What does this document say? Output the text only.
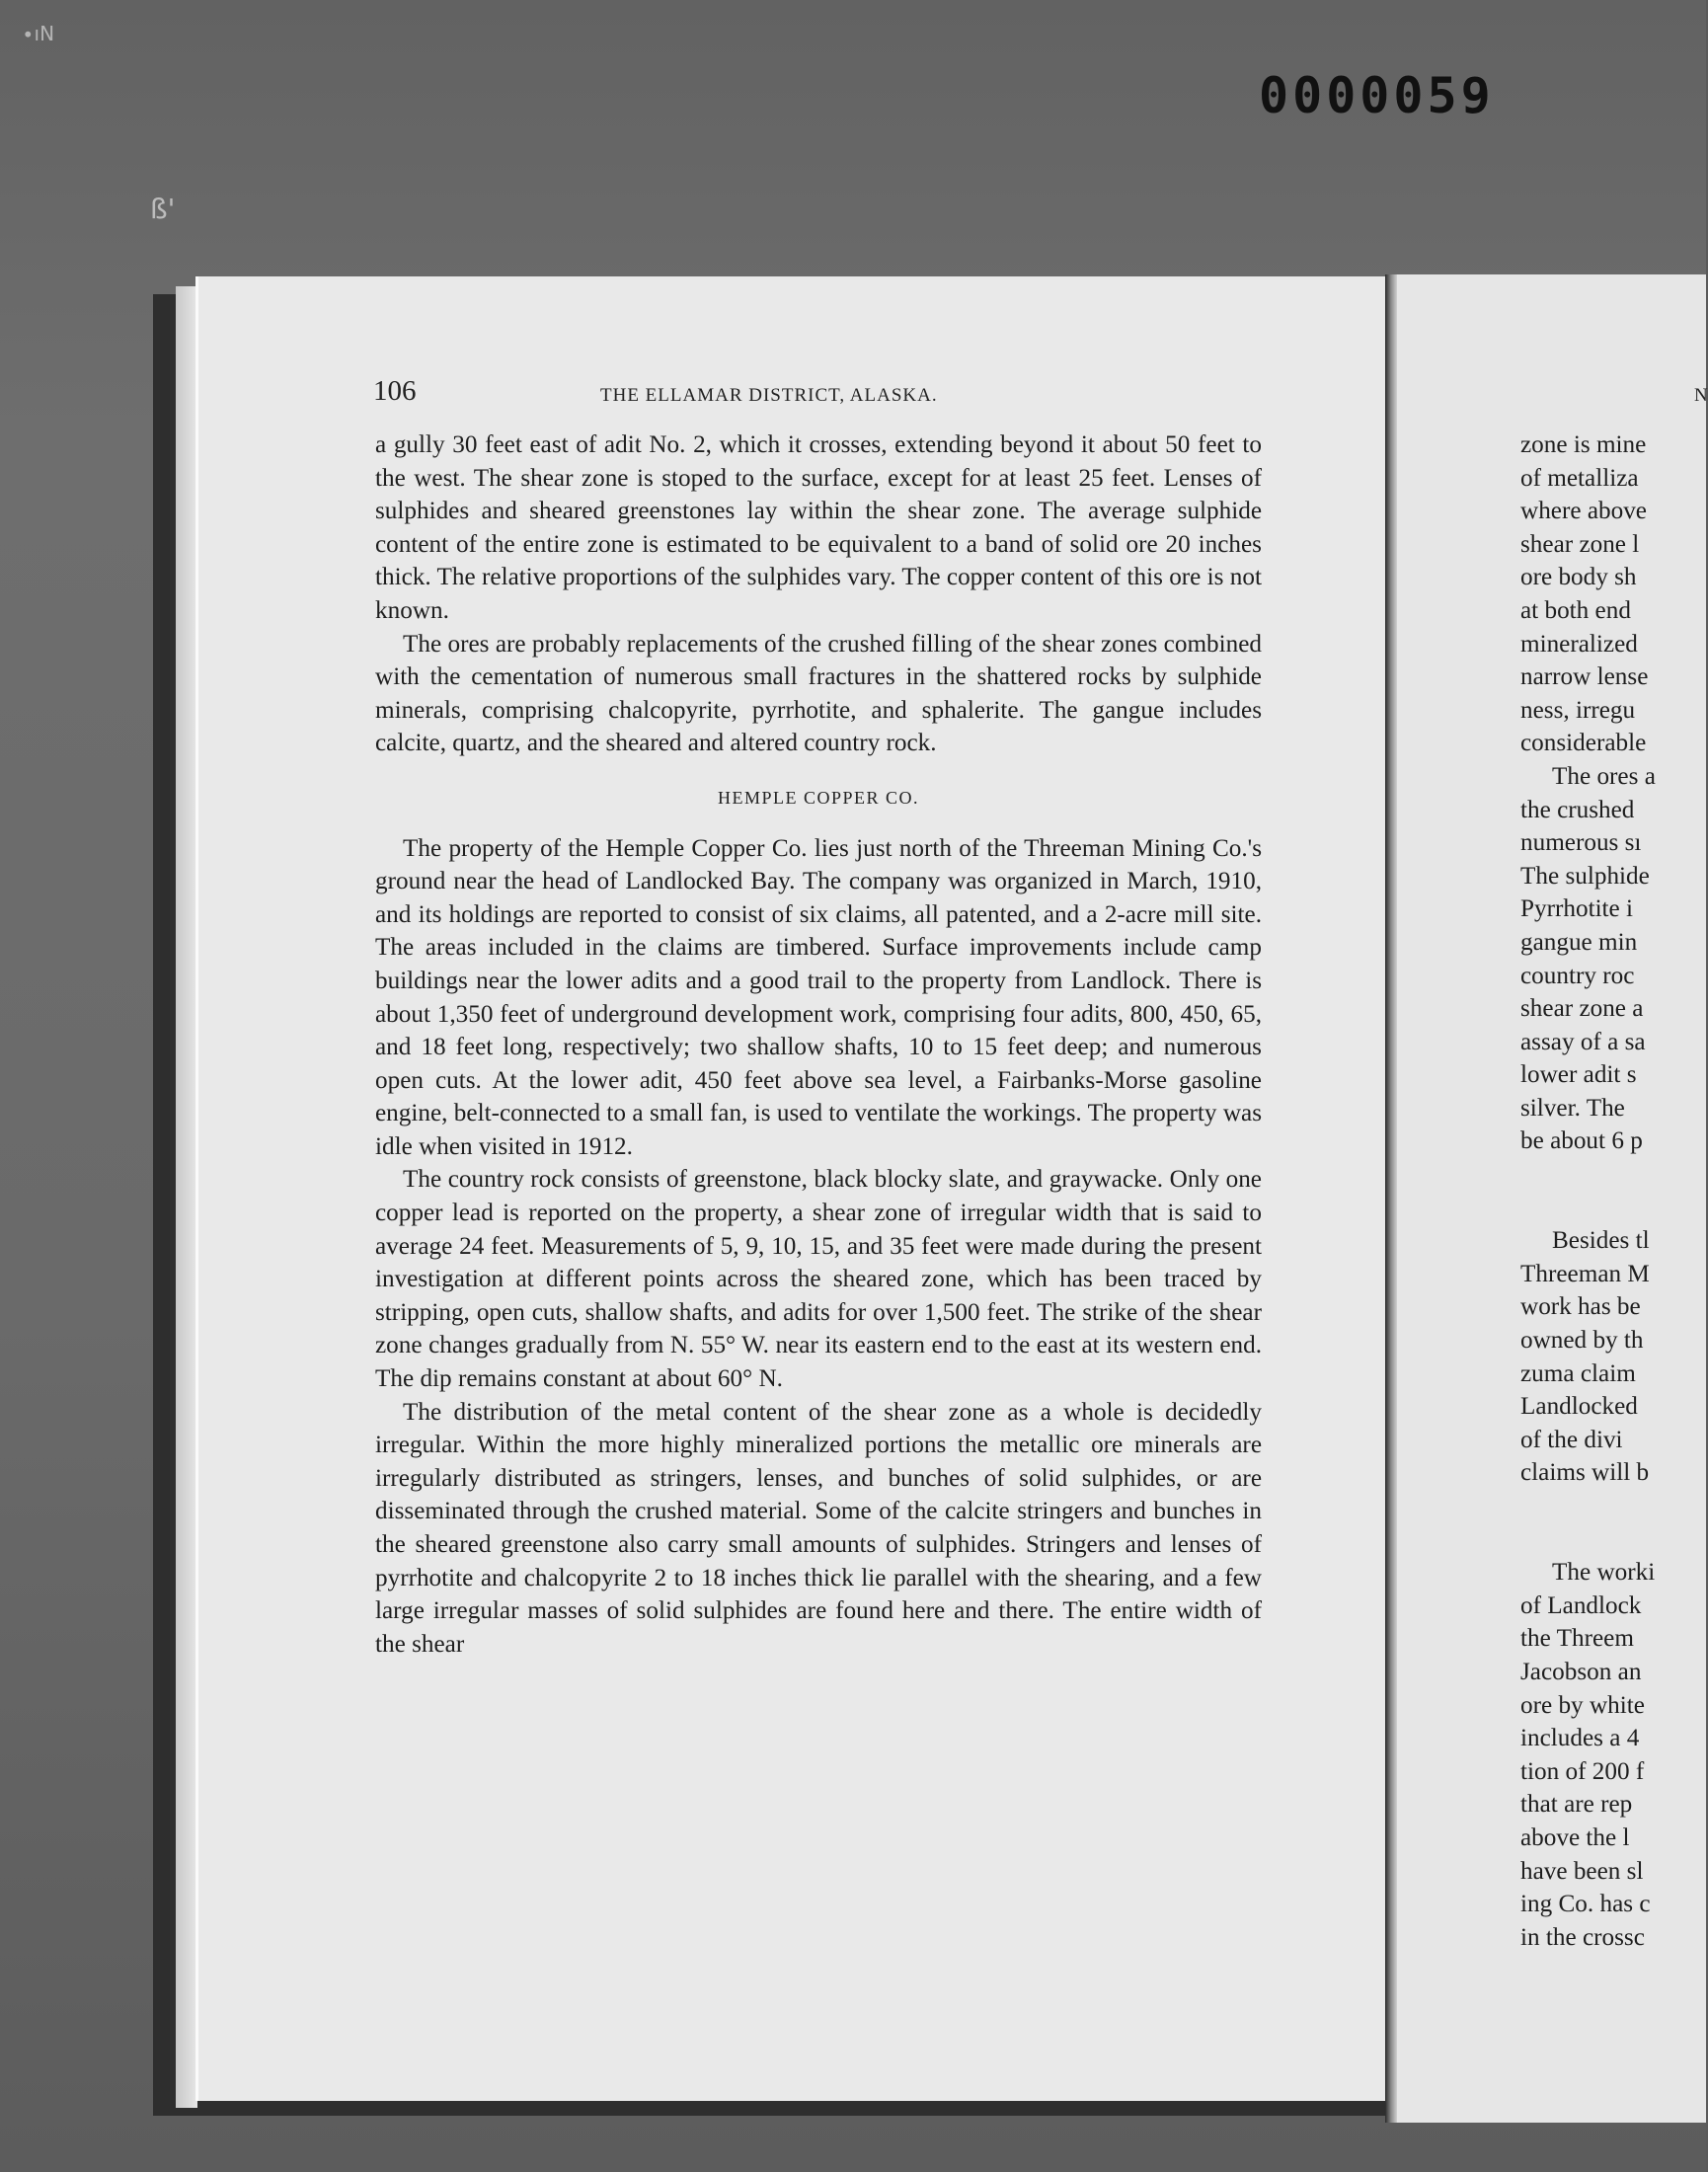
∙ıN
ß'
0000059
106	THE ELLAMAR DISTRICT, ALASKA.

a gully 30 feet east of adit No. 2, which it crosses, extending beyond it about 50 feet to the west. The shear zone is stoped to the surface, except for at least 25 feet. Lenses of sulphides and sheared greenstones lay within the shear zone. The average sulphide content of the entire zone is estimated to be equivalent to a band of solid ore 20 inches thick. The relative proportions of the sulphides vary. The copper content of this ore is not known.

The ores are probably replacements of the crushed filling of the shear zones combined with the cementation of numerous small fractures in the shattered rocks by sulphide minerals, comprising chalcopyrite, pyrrhotite, and sphalerite. The gangue includes calcite, quartz, and the sheared and altered country rock.

HEMPLE COPPER CO.

The property of the Hemple Copper Co. lies just north of the Threeman Mining Co.'s ground near the head of Landlocked Bay. The company was organized in March, 1910, and its holdings are reported to consist of six claims, all patented, and a 2-acre mill site. The areas included in the claims are timbered. Surface improvements include camp buildings near the lower adits and a good trail to the property from Landlock. There is about 1,350 feet of underground development work, comprising four adits, 800, 450, 65, and 18 feet long, respectively; two shallow shafts, 10 to 15 feet deep; and numerous open cuts. At the lower adit, 450 feet above sea level, a Fairbanks-Morse gasoline engine, belt-connected to a small fan, is used to ventilate the workings. The property was idle when visited in 1912.

The country rock consists of greenstone, black blocky slate, and graywacke. Only one copper lead is reported on the property, a shear zone of irregular width that is said to average 24 feet. Measurements of 5, 9, 10, 15, and 35 feet were made during the present investigation at different points across the sheared zone, which has been traced by stripping, open cuts, shallow shafts, and adits for over 1,500 feet. The strike of the shear zone changes gradually from N. 55° W. near its eastern end to the east at its western end. The dip remains constant at about 60° N.

The distribution of the metal content of the shear zone as a whole is decidedly irregular. Within the more highly mineralized portions the metallic ore minerals are irregularly distributed as stringers, lenses, and bunches of solid sulphides, or are disseminated through the crushed material. Some of the calcite stringers and bunches in the sheared greenstone also carry small amounts of sulphides. Stringers and lenses of pyrrhotite and chalcopyrite 2 to 18 inches thick lie parallel with the shearing, and a few large irregular masses of solid sulphides are found here and there. The entire width of the shear

N
zone is mine
of metalliza
where above
shear zone l
ore body sh
at both end
mineralized
narrow lense
ness, irregu
considerable
The ores a
the crushed
numerous sı
The sulphide
Pyrrhotite i
gangue min
country roc
shear zone a
assay of a sa
lower adit s
silver. The
be about 6 p
Besides tl
Threeman M
work has be
owned by th
zuma claim
Landlocked
of the divi
claims will b
The worki
of Landlock
the Threem
Jacobson an
ore by white
includes a 4
tion of 200 f
that are rep
above the l
have been sl
ing Co. has c
in the crossc
